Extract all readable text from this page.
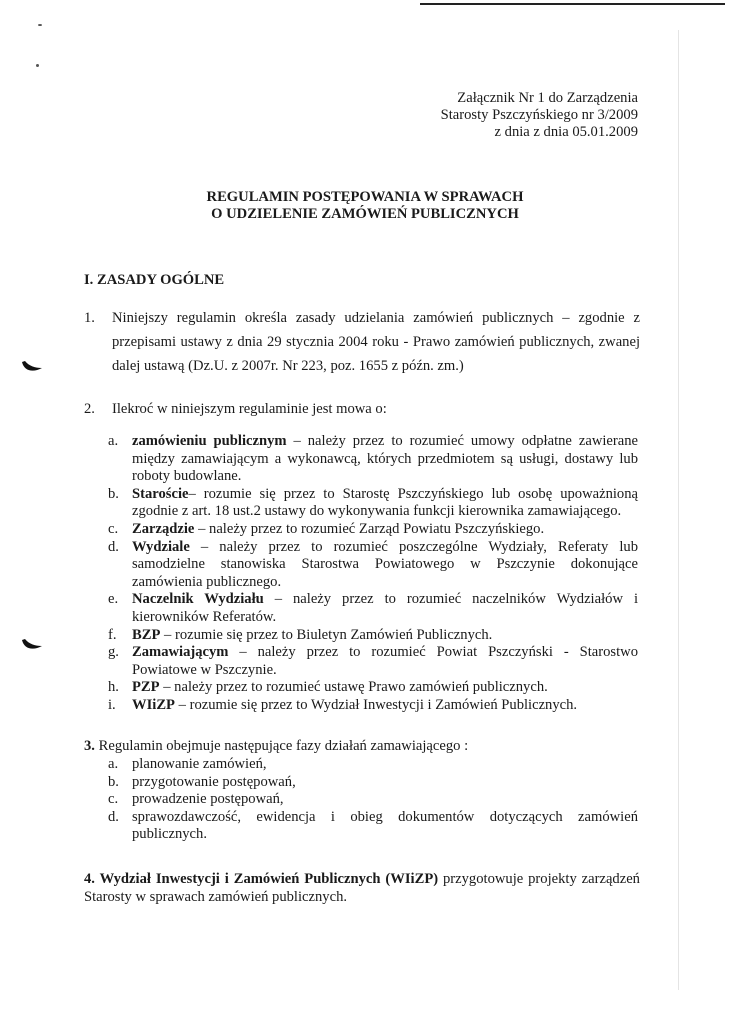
Załącznik Nr 1 do Zarządzenia
Starosty Pszczyńskiego nr 3/2009
z dnia z dnia 05.01.2009
REGULAMIN POSTĘPOWANIA W SPRAWACH
O UDZIELENIE ZAMÓWIEŃ PUBLICZNYCH
I. ZASADY OGÓLNE
1. Niniejszy regulamin określa zasady udzielania zamówień publicznych – zgodnie z przepisami ustawy z dnia 29 stycznia 2004 roku - Prawo zamówień publicznych, zwanej dalej ustawą (Dz.U. z 2007r. Nr 223, poz. 1655 z późn. zm.)
2. Ilekroć w niniejszym regulaminie jest mowa o:
a. zamówieniu publicznym – należy przez to rozumieć umowy odpłatne zawierane między zamawiającym a wykonawcą, których przedmiotem są usługi, dostawy lub roboty budowlane.
b. Staroście– rozumie się przez to Starostę Pszczyńskiego lub osobę upoważnioną zgodnie z art. 18 ust.2 ustawy do wykonywania funkcji kierownika zamawiającego.
c. Zarządzie – należy przez to rozumieć Zarząd Powiatu Pszczyńskiego.
d. Wydziale – należy przez to rozumieć poszczególne Wydziały, Referaty lub samodzielne stanowiska Starostwa Powiatowego w Pszczynie dokonujące zamówienia publicznego.
e. Naczelnik Wydziału – należy przez to rozumieć naczelników Wydziałów i kierowników Referatów.
f. BZP – rozumie się przez to Biuletyn Zamówień Publicznych.
g. Zamawiającym – należy przez to rozumieć Powiat Pszczyński - Starostwo Powiatowe w Pszczynie.
h. PZP – należy przez to rozumieć ustawę Prawo zamówień publicznych.
i. WIiZP – rozumie się przez to Wydział Inwestycji i Zamówień Publicznych.
3. Regulamin obejmuje następujące fazy działań zamawiającego :
a. planowanie zamówień,
b. przygotowanie postępowań,
c. prowadzenie postępowań,
d. sprawozdawczość, ewidencja i obieg dokumentów dotyczących zamówień publicznych.
4. Wydział Inwestycji i Zamówień Publicznych (WIiZP) przygotowuje projekty zarządzeń Starosty w sprawach zamówień publicznych.
